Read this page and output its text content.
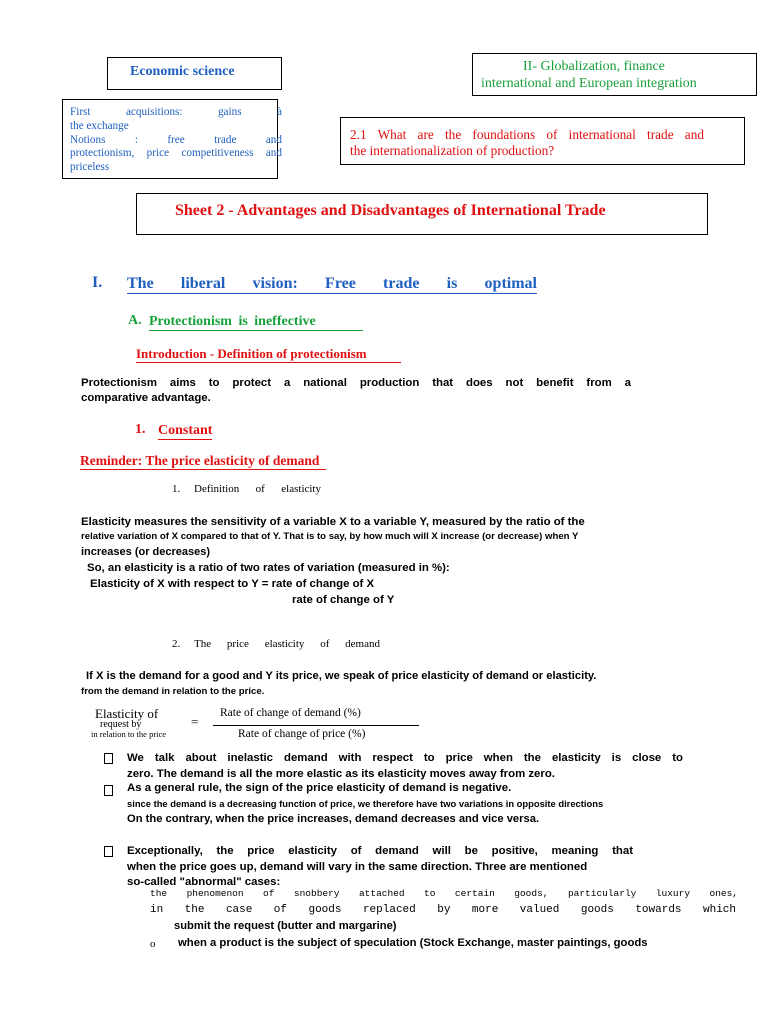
Economic science
First acquisitions: gains à
the exchange
Notions : free trade and
protectionism, price competitiveness and
priceless
II- Globalization, finance
international and European integration
2.1 What are the foundations of international trade and
the internationalization of production?
Sheet 2 - Advantages and Disadvantages of International Trade
I. The liberal vision: Free trade is optimal
A. Protectionism is ineffective
Introduction - Definition of protectionism
Protectionism aims to protect a national production that does not benefit from a
comparative advantage.
1. Constant
Reminder: The price elasticity of demand
1. Definition of elasticity
Elasticity measures the sensitivity of a variable X to a variable Y, measured by the ratio of the
relative variation of X compared to that of Y. That is to say, by how much will X increase (or decrease) when Y
increases (or decreases)
So, an elasticity is a ratio of two rates of variation (measured in %):
Elasticity of X with respect to Y = rate of change of X
rate of change of Y
2. The price elasticity of demand
If X is the demand for a good and Y its price, we speak of price elasticity of demand or elasticity.
from the demand in relation to the price.
Elasticity of
request by
in relation to the price
=
Rate of change of demand (%)
Rate of change of price (%)
We talk about inelastic demand with respect to price when the elasticity is close to
zero. The demand is all the more elastic as its elasticity moves away from zero.
As a general rule, the sign of the price elasticity of demand is negative.
since the demand is a decreasing function of price, we therefore have two variations in opposite directions
On the contrary, when the price increases, demand decreases and vice versa.
Exceptionally, the price elasticity of demand will be positive, meaning that
when the price goes up, demand will vary in the same direction. Three are mentioned
so-called "abnormal" cases:
the phenomenon of snobbery attached to certain goods, particularly luxury ones,
in the case of goods replaced by more valued goods towards which
submit the request (butter and margarine)
o when a product is the subject of speculation (Stock Exchange, master paintings, goods
